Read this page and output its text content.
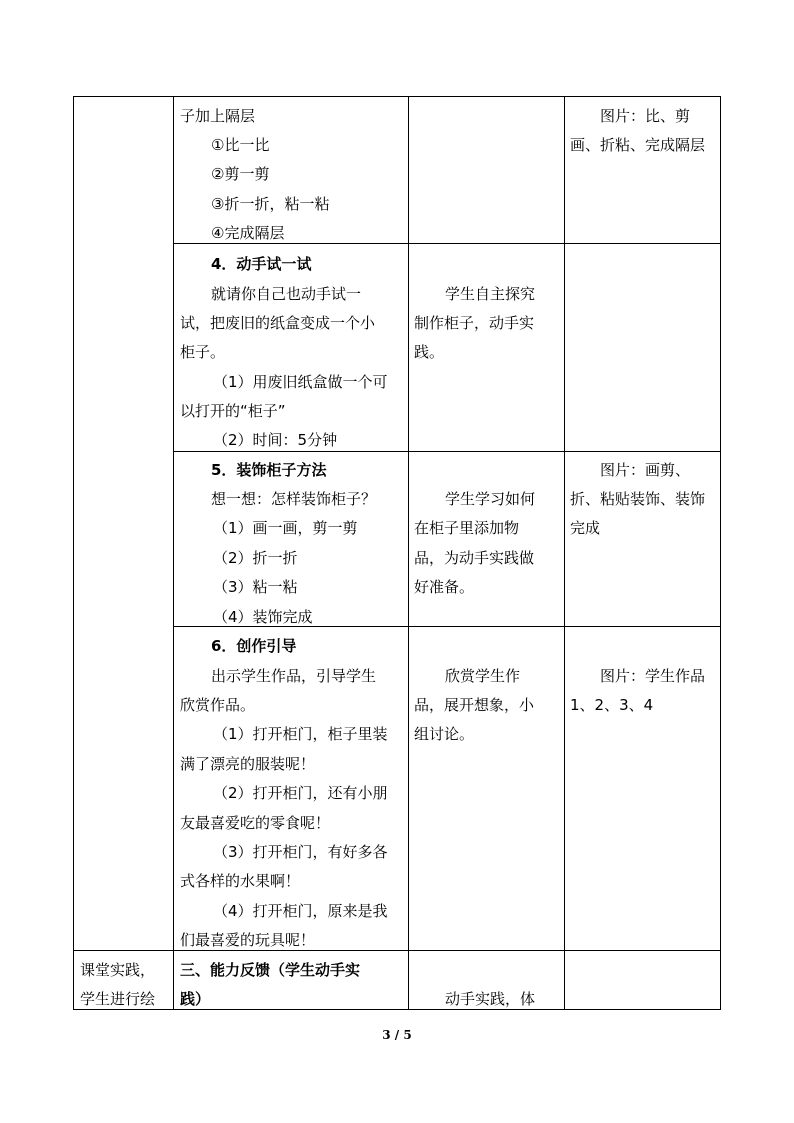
子加上隔层
①比一比
②剪一剪
③折一折，粘一粘
④完成隔层
图片：比、剪
画、折粘、完成隔层
4．动手试一试
就请你自己也动手试一
试，把废旧的纸盒变成一个小
柜子。
（1）用废旧纸盒做一个可
以打开的“柜子”
（2）时间：5分钟
学生自主探究
制作柜子，动手实
践。
5．装饰柜子方法
想一想：怎样装饰柜子？
（1）画一画，剪一剪
（2）折一折
（3）粘一粘
（4）装饰完成
学生学习如何
在柜子里添加物
品，为动手实践做
好准备。
图片：画剪、
折、粘贴装饰、装饰
完成
6．创作引导
出示学生作品，引导学生
欣赏作品。
（1）打开柜门，柜子里装
满了漂亮的服装呢！
（2）打开柜门，还有小朋
友最喜爱吃的零食呢！
（3）打开柜门，有好多各
式各样的水果啊！
（4）打开柜门，原来是我
们最喜爱的玩具呢！
欣赏学生作
品，展开想象，小
组讨论。
图片：学生作品
1、2、3、4
课堂实践，
学生进行绘
三、能力反馈（学生动手实
践）	动手实践，体
3 / 5
